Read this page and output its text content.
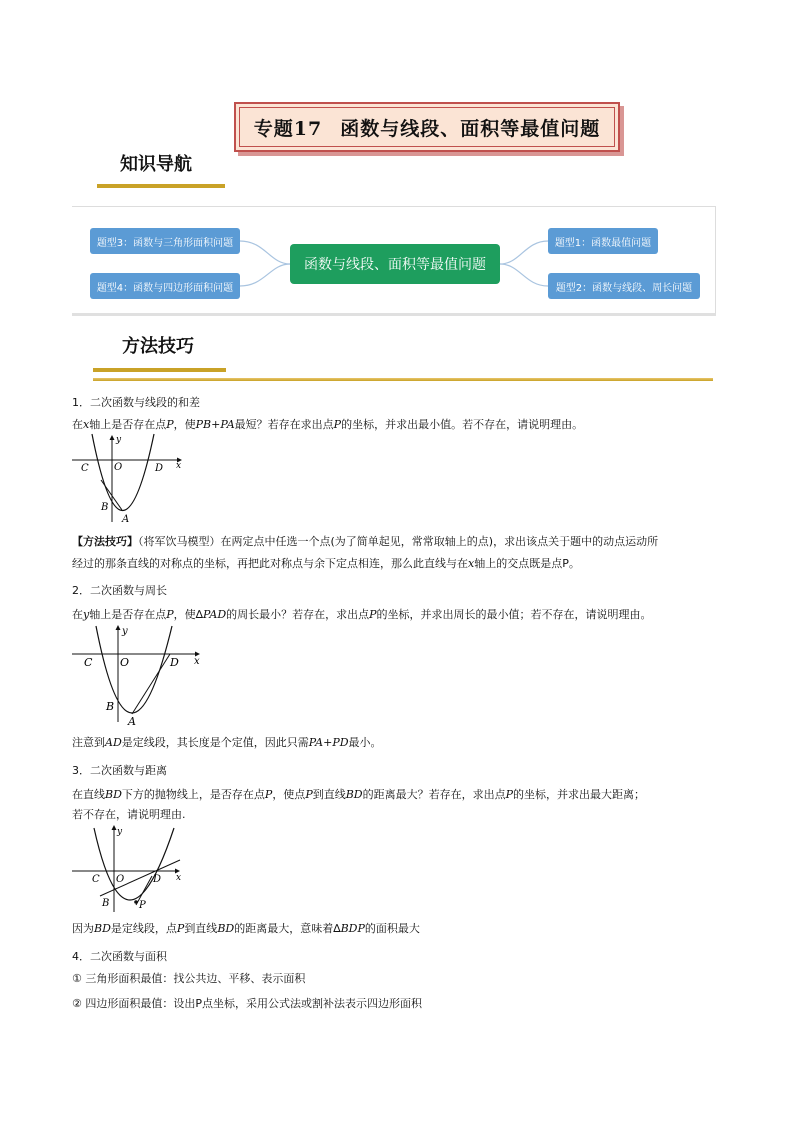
专题17 函数与线段、面积等最值问题
知识导航
题型3：函数与三角形面积问题
题型4：函数与四边形面积问题
函数与线段、面积等最值问题
题型1：函数最值问题
题型2：函数与线段、周长问题
方法技巧
1．二次函数与线段的和差
在x轴上是否存在点P，使PB+PA最短？若存在求出点P的坐标，并求出最小值。若不存在，请说明理由。
C	O	D
B
A
x
y
【方法技巧】（将军饮马模型）在两定点中任选一个点(为了简单起见，常常取轴上的点)，求出该点关于题中的动点运动所
经过的那条直线的对称点的坐标，再把此对称点与余下定点相连，那么此直线与在x轴上的交点既是点P。
2．二次函数与周长
在y轴上是否存在点P，使∆PAD的周长最小？若存在，求出点P的坐标，并求出周长的最小值；若不存在，请说明理由。
C	O	D
B
A
x
y
注意到AD是定线段，其长度是个定值，因此只需PA+PD最小。
3．二次函数与距离
在直线BD下方的抛物线上，是否存在点P，使点P到直线BD的距离最大？若存在，求出点P的坐标，并求出最大距离；
若不存在，请说明理由.
C O	D
B	P
x
y
因为BD是定线段，点P到直线BD的距离最大，意味着∆BDP的面积最大
4．二次函数与面积
① 三角形面积最值：找公共边、平移、表示面积
② 四边形面积最值：设出P点坐标，采用公式法或割补法表示四边形面积
